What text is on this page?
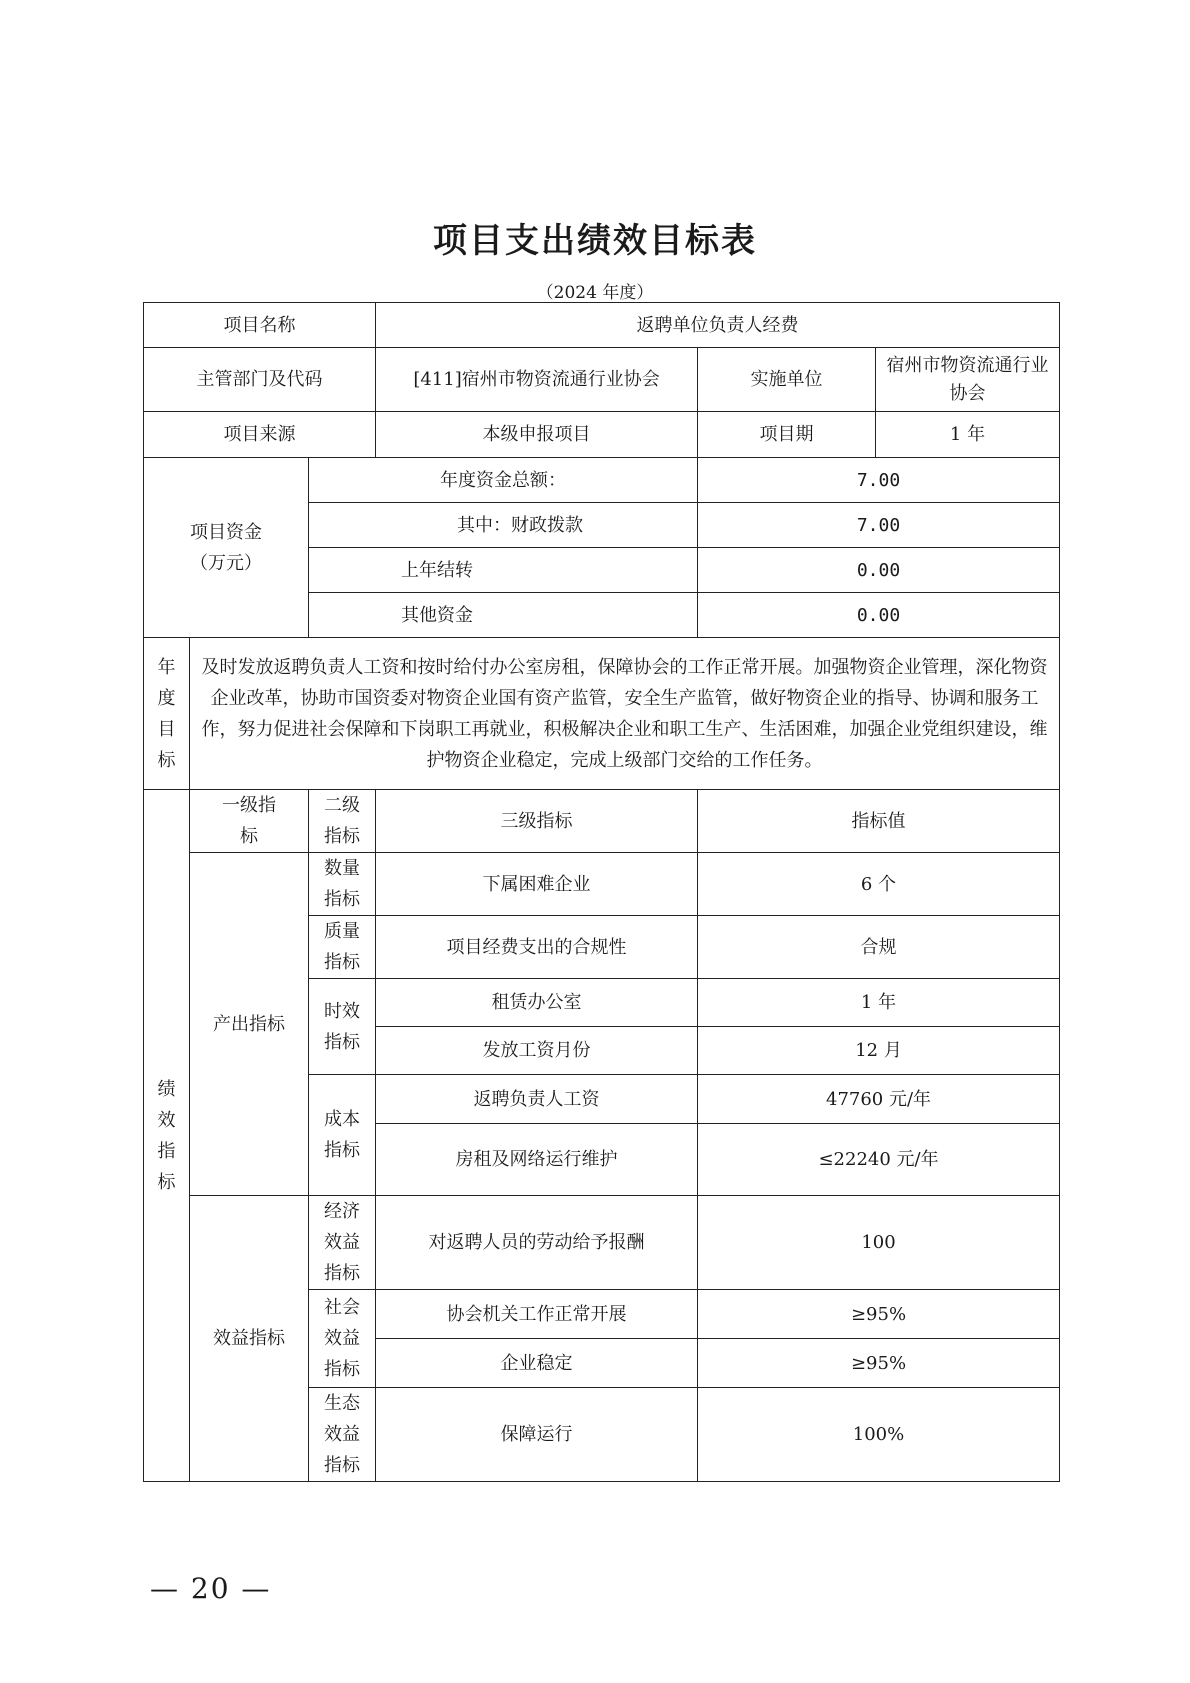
项目支出绩效目标表
（2024 年度）
项目名称			返聘单位负责人经费		
主管部门及代码			[411]宿州市物资流通行业协会	实施单位	宿州市物资流通行业协会
项目来源			本级申报项目	项目期	1 年

项目资金
（万元）		年度资金总额：		7.00	
		其中：财政拨款		7.00	
		上年结转		0.00	
		其他资金		0.00	

年度目标	及时发放返聘负责人工资和按时给付办公室房租，保障协会的工作正常开展。加强物资企业管理，深化物资企业改革，协助市国资委对物资企业国有资产监管，安全生产监管，做好物资企业的指导、协调和服务工作，努力促进社会保障和下岗职工再就业，积极解决企业和职工生产、生活困难，加强企业党组织建设，维护物资企业稳定，完成上级部门交给的工作任务。				

绩效指标	一级指标	二级指标	三级指标	指标值	
	产出指标	数量指标	下属困难企业	6 个	

		质量指标	项目经费支出的合规性	合规	

		时效指标	租赁办公室	1 年	
			发放工资月份	12 月	

		成本指标	返聘负责人工资	47760 元/年	
			房租及网络运行维护	≤22240 元/年	
	效益指标	经济效益指标	对返聘人员的劳动给予报酬	100	

		社会效益指标	协会机关工作正常开展	≥95%	
			企业稳定	≥95%	

		生态效益指标	保障运行	100%	
— 20 —
